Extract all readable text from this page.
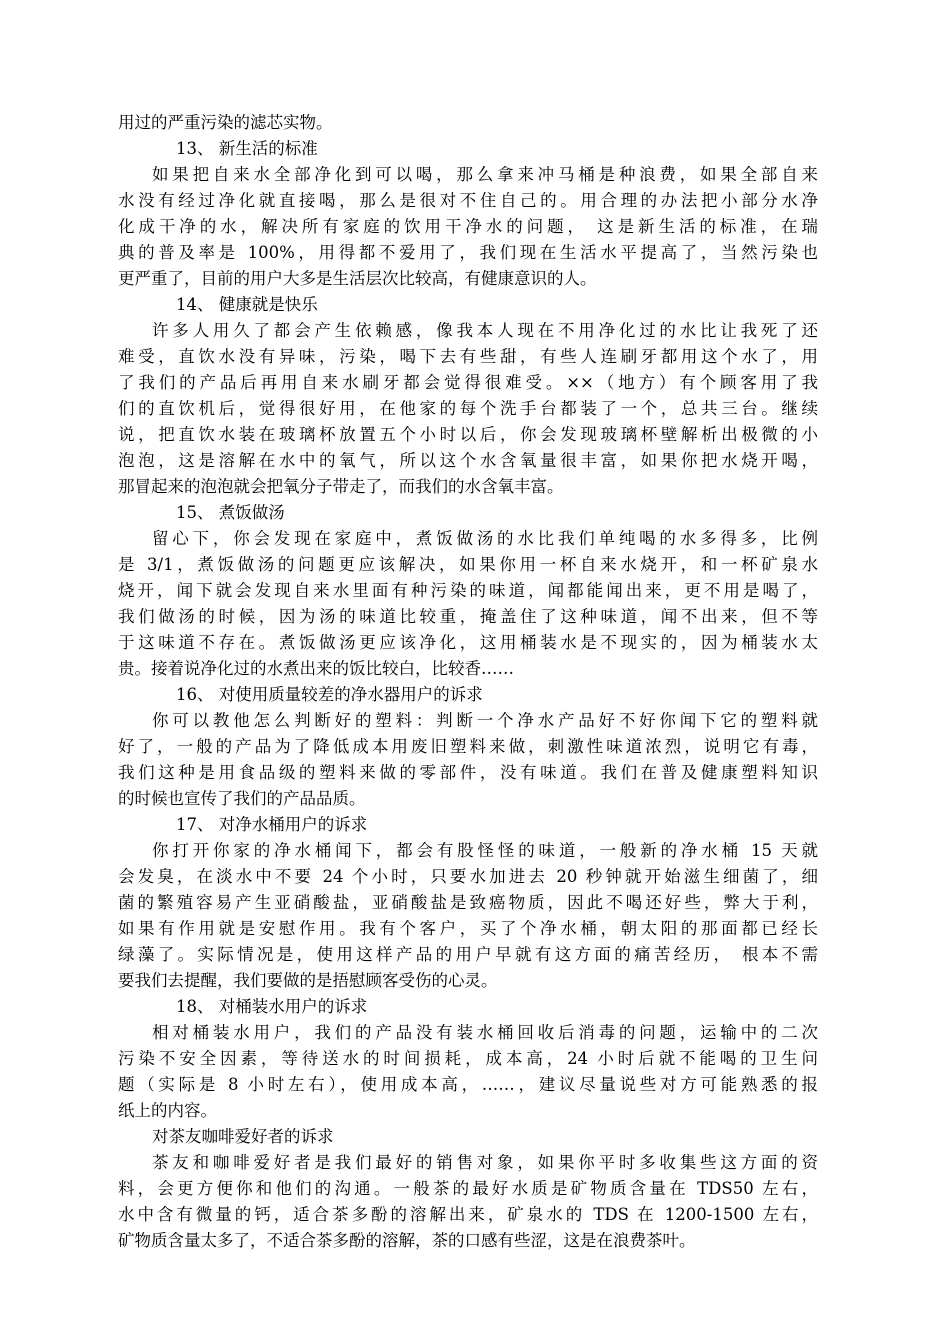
用过的严重污染的滤芯实物。
13、 新生活的标准
如果把自来水全部净化到可以喝，那么拿来冲马桶是种浪费，如果全部自来
水没有经过净化就直接喝，那么是很对不住自己的。用合理的办法把小部分水净
化成干净的水，解决所有家庭的饮用干净水的问题， 这是新生活的标准，在瑞
典的普及率是 100%，用得都不爱用了，我们现在生活水平提高了，当然污染也
更严重了，目前的用户大多是生活层次比较高，有健康意识的人。
14、 健康就是快乐
许多人用久了都会产生依赖感，像我本人现在不用净化过的水比让我死了还
难受，直饮水没有异味，污染，喝下去有些甜，有些人连刷牙都用这个水了，用
了我们的产品后再用自来水刷牙都会觉得很难受。××（地方）有个顾客用了我
们的直饮机后，觉得很好用，在他家的每个洗手台都装了一个，总共三台。继续
说，把直饮水装在玻璃杯放置五个小时以后，你会发现玻璃杯壁解析出极微的小
泡泡，这是溶解在水中的氧气，所以这个水含氧量很丰富，如果你把水烧开喝，
那冒起来的泡泡就会把氧分子带走了，而我们的水含氧丰富。
15、 煮饭做汤
留心下，你会发现在家庭中，煮饭做汤的水比我们单纯喝的水多得多，比例
是 3/1，煮饭做汤的问题更应该解决，如果你用一杯自来水烧开，和一杯矿泉水
烧开，闻下就会发现自来水里面有种污染的味道，闻都能闻出来，更不用是喝了，
我们做汤的时候，因为汤的味道比较重，掩盖住了这种味道，闻不出来，但不等
于这味道不存在。煮饭做汤更应该净化，这用桶装水是不现实的，因为桶装水太
贵。接着说净化过的水煮出来的饭比较白，比较香……
16、 对使用质量较差的净水器用户的诉求
你可以教他怎么判断好的塑料：判断一个净水产品好不好你闻下它的塑料就
好了，一般的产品为了降低成本用废旧塑料来做，刺激性味道浓烈，说明它有毒，
我们这种是用食品级的塑料来做的零部件，没有味道。我们在普及健康塑料知识
的时候也宣传了我们的产品品质。
17、 对净水桶用户的诉求
你打开你家的净水桶闻下，都会有股怪怪的味道，一般新的净水桶 15 天就
会发臭，在淡水中不要 24 个小时，只要水加进去 20 秒钟就开始滋生细菌了，细
菌的繁殖容易产生亚硝酸盐，亚硝酸盐是致癌物质，因此不喝还好些，弊大于利，
如果有作用就是安慰作用。我有个客户，买了个净水桶，朝太阳的那面都已经长
绿藻了。实际情况是，使用这样产品的用户早就有这方面的痛苦经历， 根本不需
要我们去提醒，我们要做的是捂慰顾客受伤的心灵。
18、 对桶装水用户的诉求
相对桶装水用户，我们的产品没有装水桶回收后消毒的问题，运输中的二次
污染不安全因素，等待送水的时间损耗，成本高，24 小时后就不能喝的卫生问
题（实际是 8 小时左右），使用成本高，……，建议尽量说些对方可能熟悉的报
纸上的内容。
对茶友咖啡爱好者的诉求
茶友和咖啡爱好者是我们最好的销售对象，如果你平时多收集些这方面的资
料，会更方便你和他们的沟通。一般茶的最好水质是矿物质含量在 TDS50 左右，
水中含有微量的钙，适合茶多酚的溶解出来，矿泉水的 TDS 在 1200-1500 左右，
矿物质含量太多了，不适合茶多酚的溶解，茶的口感有些涩，这是在浪费茶叶。
